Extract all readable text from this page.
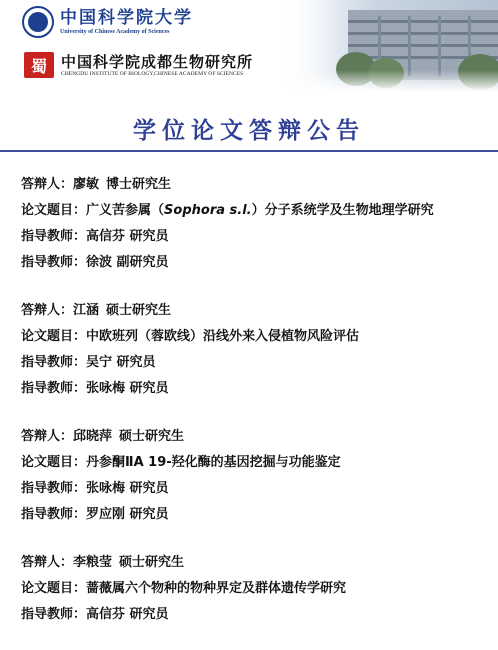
中国科学院大学
University of Chinese Academy of Sciences
蜀 中国科学院成都生物研究所
CHENGDU INSTITUTE OF BIOLOGY,CHINESE ACADEMY OF SCIENCES
学位论文答辩公告
答辩人：廖敏 博士研究生
论文题目：广义苦参属（Sophora s.l.）分子系统学及生物地理学研究
指导教师：高信芬 研究员
指导教师：徐波 副研究员
答辩人：江涵 硕士研究生
论文题目：中欧班列（蓉欧线）沿线外来入侵植物风险评估
指导教师：吴宁 研究员
指导教师：张咏梅 研究员
答辩人：邱晓萍 硕士研究生
论文题目：丹参酮ⅡA 19-羟化酶的基因挖掘与功能鉴定
指导教师：张咏梅 研究员
指导教师：罗应刚 研究员
答辩人：李粮莹 硕士研究生
论文题目：蔷薇属六个物种的物种界定及群体遗传学研究
指导教师：高信芬 研究员
